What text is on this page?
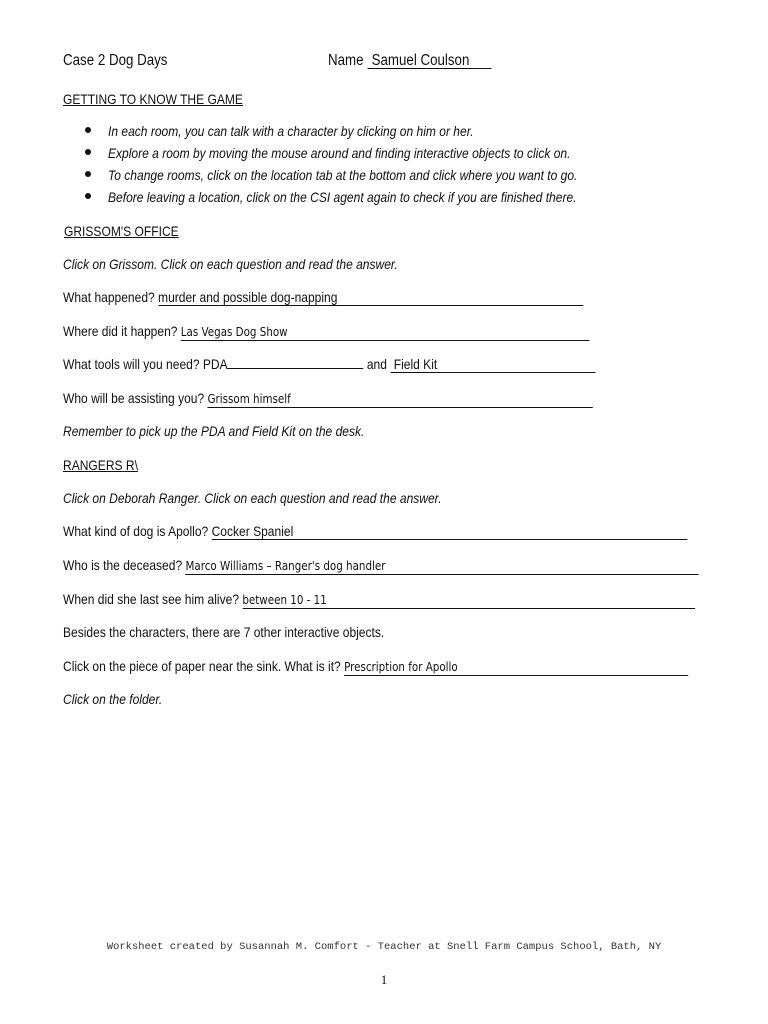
Case 2 Dog Days	Name Samuel Coulson
GETTING TO KNOW THE GAME
In each room, you can talk with a character by clicking on him or her.
Explore a room by moving the mouse around and finding interactive objects to click on.
To change rooms, click on the location tab at the bottom and click where you want to go.
Before leaving a location, click on the CSI agent again to check if you are finished there.
GRISSOM'S OFFICE
Click on Grissom. Click on each question and read the answer.
What happened? murder and possible dog-napping
Where did it happen? Las Vegas Dog Show
What tools will you need? PDA	and Field Kit
Who will be assisting you? Grissom himself
Remember to pick up the PDA and Field Kit on the desk.
RANGERS R\
Click on Deborah Ranger. Click on each question and read the answer.
What kind of dog is Apollo? Cocker Spaniel
Who is the deceased? Marco Williams – Ranger's dog handler
When did she last see him alive? between 10 - 11
Besides the characters, there are 7 other interactive objects.
Click on the piece of paper near the sink. What is it? Prescription for Apollo
Click on the folder.
Worksheet created by Susannah M. Comfort - Teacher at Snell Farm Campus School, Bath, NY
1
